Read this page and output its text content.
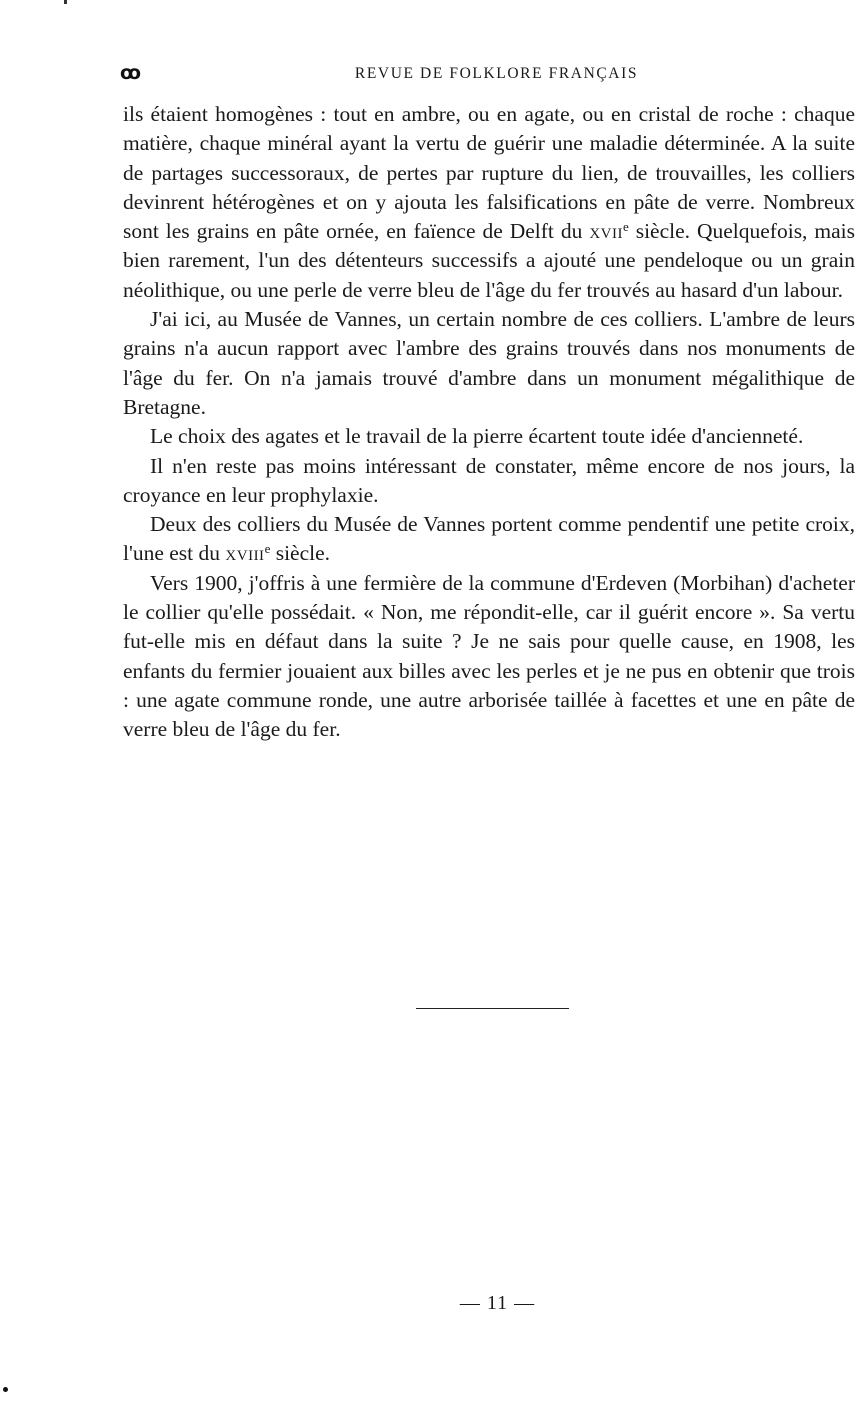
ꝏ	REVUE DE FOLKLORE FRANÇAIS

ils étaient homogènes : tout en ambre, ou en agate, ou en cristal de roche : chaque matière, chaque minéral ayant la vertu de guérir une maladie déterminée. A la suite de partages successoraux, de pertes par rupture du lien, de trouvailles, les colliers devinrent hétérogènes et on y ajouta les falsifications en pâte de verre. Nombreux sont les grains en pâte ornée, en faïence de Delft du xvii$^e$ siècle. Quelquefois, mais bien rarement, l'un des détenteurs successifs a ajouté une pendeloque ou un grain néolithique, ou une perle de verre bleu de l'âge du fer trouvés au hasard d'un labour.

J'ai ici, au Musée de Vannes, un certain nombre de ces colliers. L'ambre de leurs grains n'a aucun rapport avec l'ambre des grains trouvés dans nos monuments de l'âge du fer. On n'a jamais trouvé d'ambre dans un monument mégalithique de Bretagne.

Le choix des agates et le travail de la pierre écartent toute idée d'ancienneté.

Il n'en reste pas moins intéressant de constater, même encore de nos jours, la croyance en leur prophylaxie.

Deux des colliers du Musée de Vannes portent comme pendentif une petite croix, l'une est du xviii$^e$ siècle.

Vers 1900, j'offris à une fermière de la commune d'Erdeven (Morbihan) d'acheter le collier qu'elle possédait. « Non, me répondit-elle, car il guérit encore ». Sa vertu fut-elle mis en défaut dans la suite ? Je ne sais pour quelle cause, en 1908, les enfants du fermier jouaient aux billes avec les perles et je ne pus en obtenir que trois : une agate commune ronde, une autre arborisée taillée à facettes et une en pâte de verre bleu de l'âge du fer.

— 11 —
